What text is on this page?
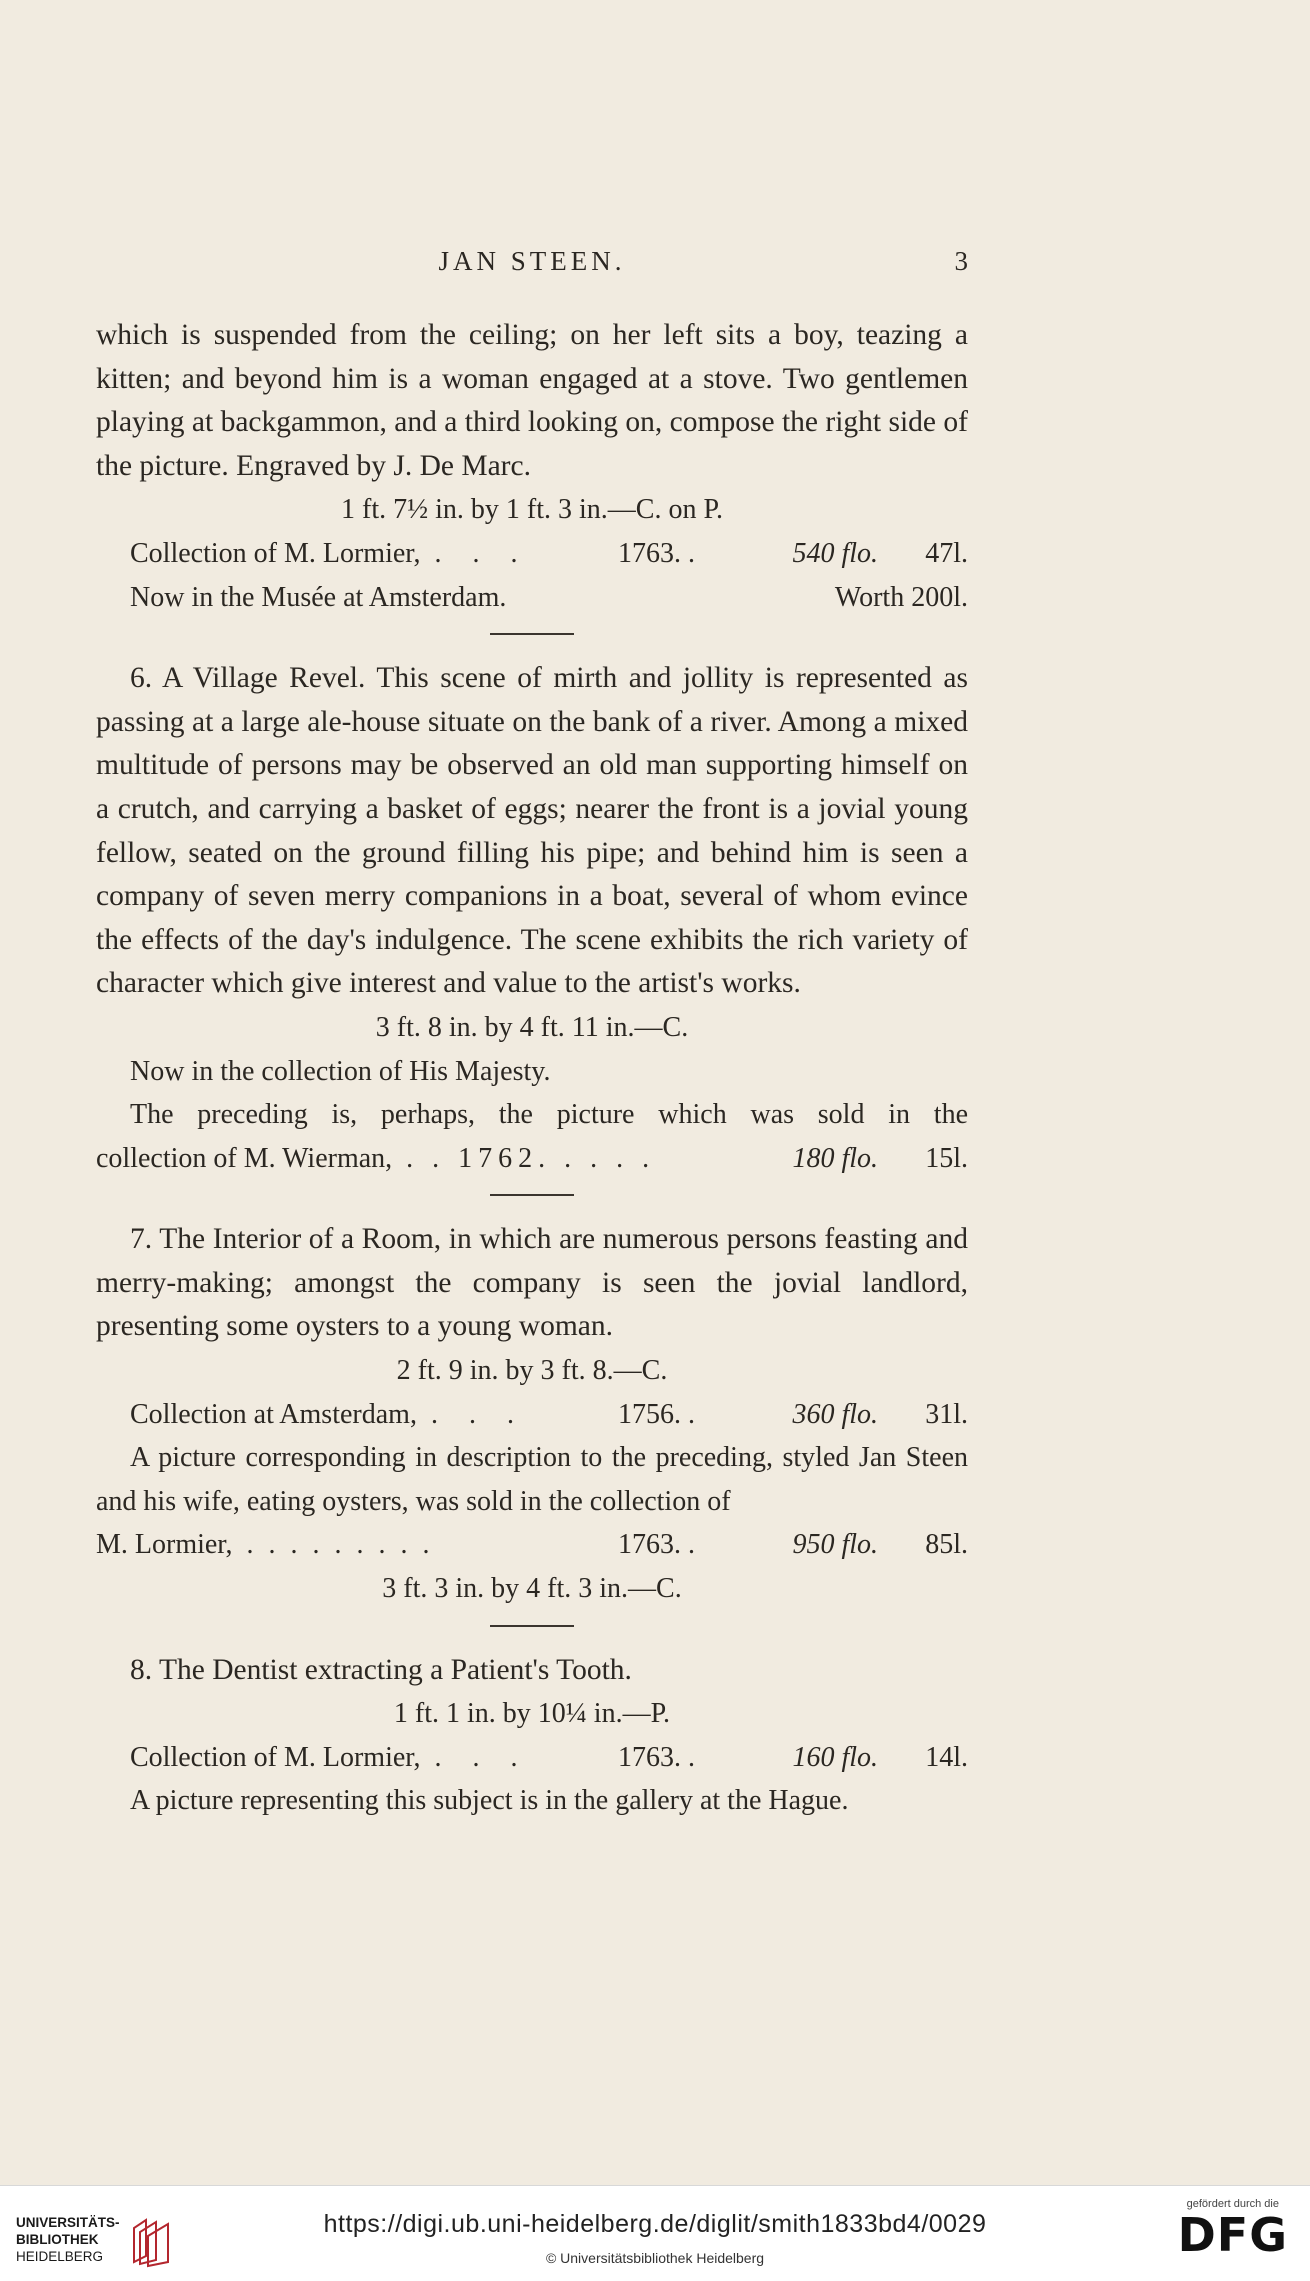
JAN STEEN.	3

which is suspended from the ceiling; on her left sits a boy, teazing a kitten; and beyond him is a woman engaged at a stove. Two gentlemen playing at backgammon, and a third looking on, compose the right side of the picture. Engraved by J. De Marc.

1 ft. 7½ in. by 1 ft. 3 in.—C. on P.

Collection of M. Lormier, . . .	1763. .	540 flo.	47l.
Now in the Musée at Amsterdam.	Worth 200l.

6. A Village Revel. This scene of mirth and jollity is represented as passing at a large ale-house situate on the bank of a river. Among a mixed multitude of persons may be observed an old man supporting himself on a crutch, and carrying a basket of eggs; nearer the front is a jovial young fellow, seated on the ground filling his pipe; and behind him is seen a company of seven merry companions in a boat, several of whom evince the effects of the day's indulgence. The scene exhibits the rich variety of character which give interest and value to the artist's works.

3 ft. 8 in. by 4 ft. 11 in.—C.

Now in the collection of His Majesty.

The preceding is, perhaps, the picture which was sold in the

collection of M. Wierman, . . 1762. . . . .	180 flo.	15l.

7. The Interior of a Room, in which are numerous persons feasting and merry-making; amongst the company is seen the jovial landlord, presenting some oysters to a young woman.

2 ft. 9 in. by 3 ft. 8.—C.

Collection at Amsterdam, . . .	1756. .	360 flo.	31l.

A picture corresponding in description to the preceding, styled Jan Steen and his wife, eating oysters, was sold in the collection of

M. Lormier, . . . . . . . . .	1763. .	950 flo.	85l.

3 ft. 3 in. by 4 ft. 3 in.—C.

8. The Dentist extracting a Patient's Tooth.

1 ft. 1 in. by 10¼ in.—P.

Collection of M. Lormier, . . .	1763. .	160 flo.	14l.

A picture representing this subject is in the gallery at the Hague.

UNIVERSITÄTS-
BIBLIOTHEK
HEIDELBERG
https://digi.ub.uni-heidelberg.de/diglit/smith1833bd4/0029
© Universitätsbibliothek Heidelberg
gefördert durch die
DFG
